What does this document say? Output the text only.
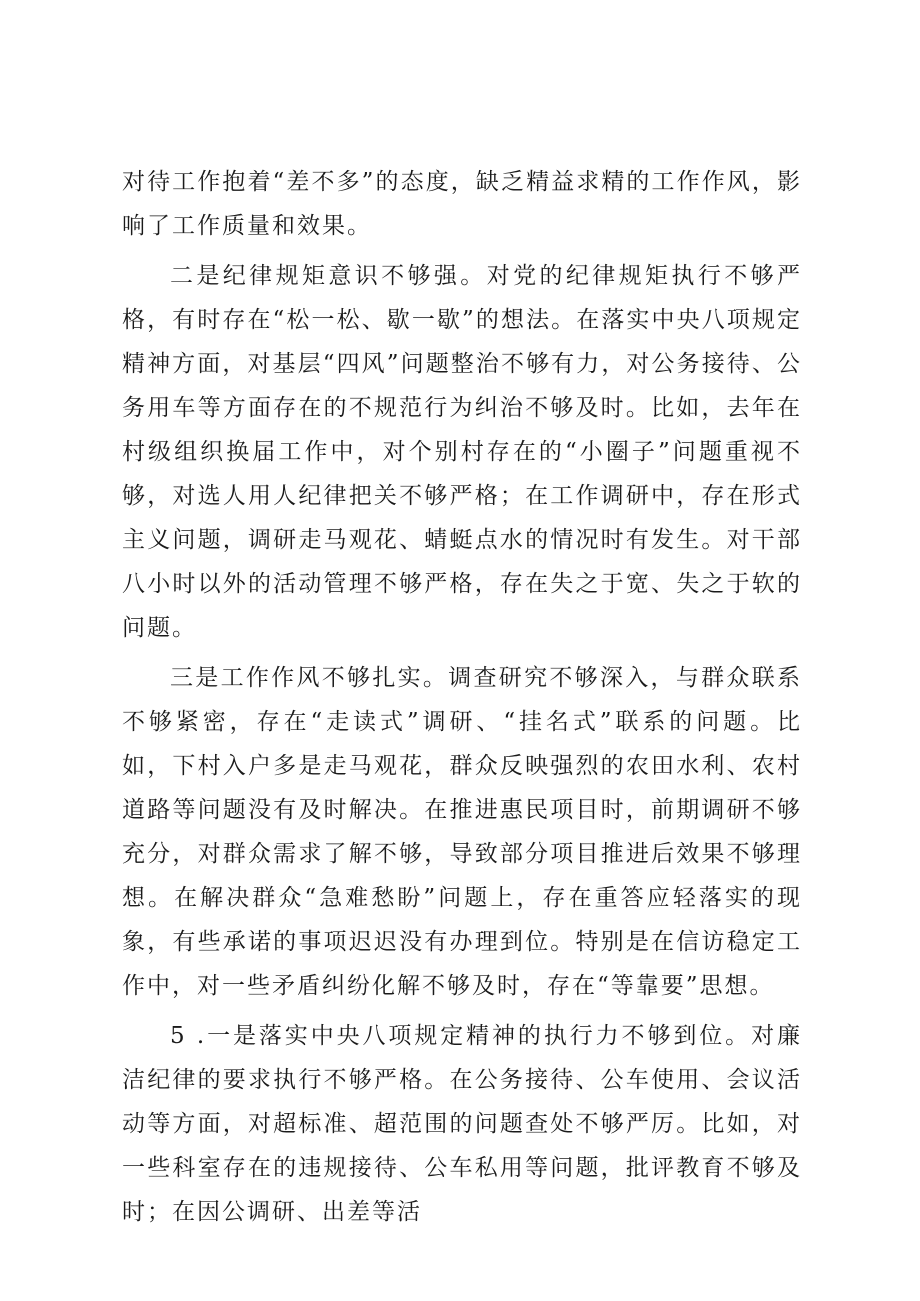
对待工作抱着“差不多”的态度，缺乏精益求精的工作作风，影响了工作质量和效果。

二是纪律规矩意识不够强。对党的纪律规矩执行不够严格，有时存在“松一松、歇一歇”的想法。在落实中央八项规定精神方面，对基层“四风”问题整治不够有力，对公务接待、公务用车等方面存在的不规范行为纠治不够及时。比如，去年在村级组织换届工作中，对个别村存在的“小圈子”问题重视不够，对选人用人纪律把关不够严格；在工作调研中，存在形式主义问题，调研走马观花、蜻蜓点水的情况时有发生。对干部八小时以外的活动管理不够严格，存在失之于宽、失之于软的问题。

三是工作作风不够扎实。调查研究不够深入，与群众联系不够紧密，存在“走读式”调研、“挂名式”联系的问题。比如，下村入户多是走马观花，群众反映强烈的农田水利、农村道路等问题没有及时解决。在推进惠民项目时，前期调研不够充分，对群众需求了解不够，导致部分项目推进后效果不够理想。在解决群众“急难愁盼”问题上，存在重答应轻落实的现象，有些承诺的事项迟迟没有办理到位。特别是在信访稳定工作中，对一些矛盾纠纷化解不够及时，存在“等靠要”思想。

5 .一是落实中央八项规定精神的执行力不够到位。对廉洁纪律的要求执行不够严格。在公务接待、公车使用、会议活动等方面，对超标准、超范围的问题查处不够严厉。比如，对一些科室存在的违规接待、公车私用等问题，批评教育不够及时；在因公调研、出差等活
